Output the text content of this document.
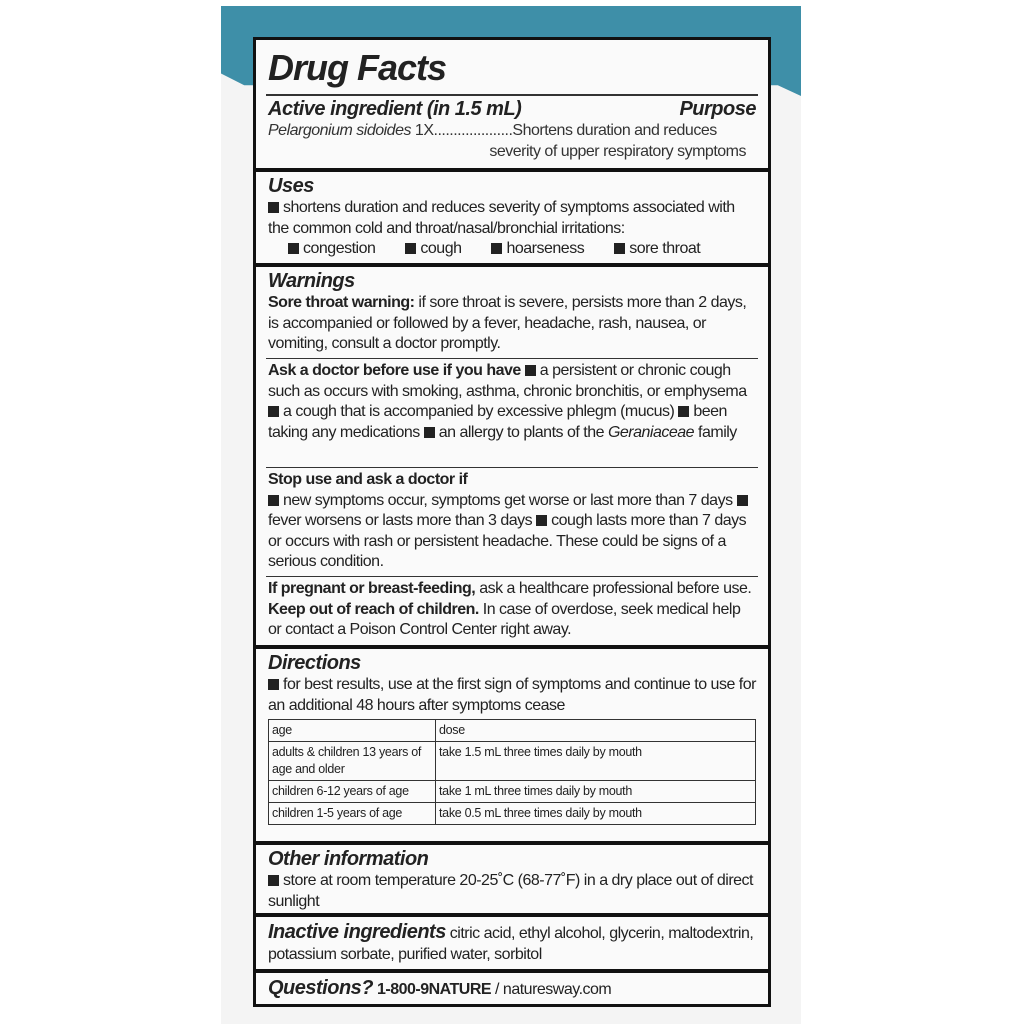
Drug Facts
Active ingredient (in 1.5 mL)	Purpose
Pelargonium sidoides 1X....................Shortens duration and reduces
severity of upper respiratory symptoms
Uses
shortens duration and reduces severity of symptoms associated with the common cold and throat/nasal/bronchial irritations:
congestion	cough	hoarseness	sore throat
Warnings
Sore throat warning: if sore throat is severe, persists more than 2 days, is accompanied or followed by a fever, headache, rash, nausea, or vomiting, consult a doctor promptly.
Ask a doctor before use if you have a persistent or chronic cough such as occurs with smoking, asthma, chronic bronchitis, or emphysema a cough that is accompanied by excessive phlegm (mucus) been taking any medications an allergy to plants of the Geraniaceae family
Stop use and ask a doctor if
new symptoms occur, symptoms get worse or last more than 7 days fever worsens or lasts more than 3 days cough lasts more than 7 days or occurs with rash or persistent headache. These could be signs of a serious condition.
If pregnant or breast-feeding, ask a healthcare professional before use. Keep out of reach of children. In case of overdose, seek medical help or contact a Poison Control Center right away.
Directions
for best results, use at the first sign of symptoms and continue to use for an additional 48 hours after symptoms cease
age	dose
adults & children 13 years of age and older	take 1.5 mL three times daily by mouth
children 6-12 years of age	take 1 mL three times daily by mouth
children 1-5 years of age	take 0.5 mL three times daily by mouth
Other information
store at room temperature 20-25˚C (68-77˚F) in a dry place out of direct sunlight
Inactive ingredients citric acid, ethyl alcohol, glycerin, maltodextrin, potassium sorbate, purified water, sorbitol
Questions? 1-800-9NATURE / naturesway.com
